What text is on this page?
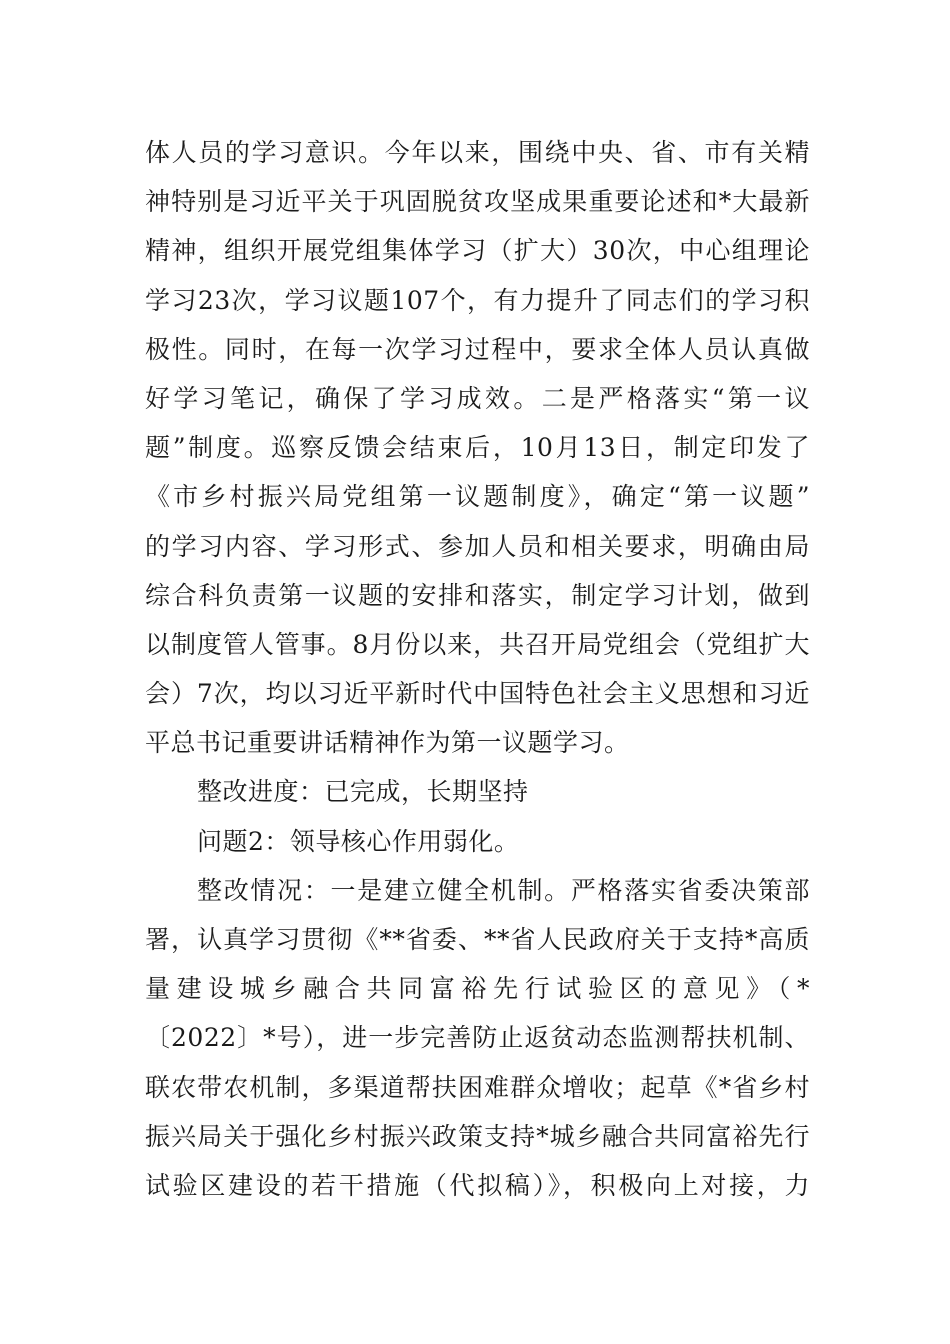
体人员的学习意识。今年以来，围绕中央、省、市有关精
神特别是习近平关于巩固脱贫攻坚成果重要论述和*大最新
精神，组织开展党组集体学习（扩大）30次，中心组理论
学习23次，学习议题107个，有力提升了同志们的学习积
极性。同时，在每一次学习过程中，要求全体人员认真做
好学习笔记，确保了学习成效。二是严格落实“第一议
题”制度。巡察反馈会结束后，10月13日，制定印发了
《市乡村振兴局党组第一议题制度》，确定“第一议题”
的学习内容、学习形式、参加人员和相关要求，明确由局
综合科负责第一议题的安排和落实，制定学习计划，做到
以制度管人管事。8月份以来，共召开局党组会（党组扩大
会）7次，均以习近平新时代中国特色社会主义思想和习近
平总书记重要讲话精神作为第一议题学习。
整改进度：已完成，长期坚持
问题2：领导核心作用弱化。
整改情况：一是建立健全机制。严格落实省委决策部
署，认真学习贯彻《**省委、**省人民政府关于支持*高质
量建设城乡融合共同富裕先行试验区的意见》（*
〔2022〕*号），进一步完善防止返贫动态监测帮扶机制、
联农带农机制，多渠道帮扶困难群众增收；起草《*省乡村
振兴局关于强化乡村振兴政策支持*城乡融合共同富裕先行
试验区建设的若干措施（代拟稿）》，积极向上对接，力
